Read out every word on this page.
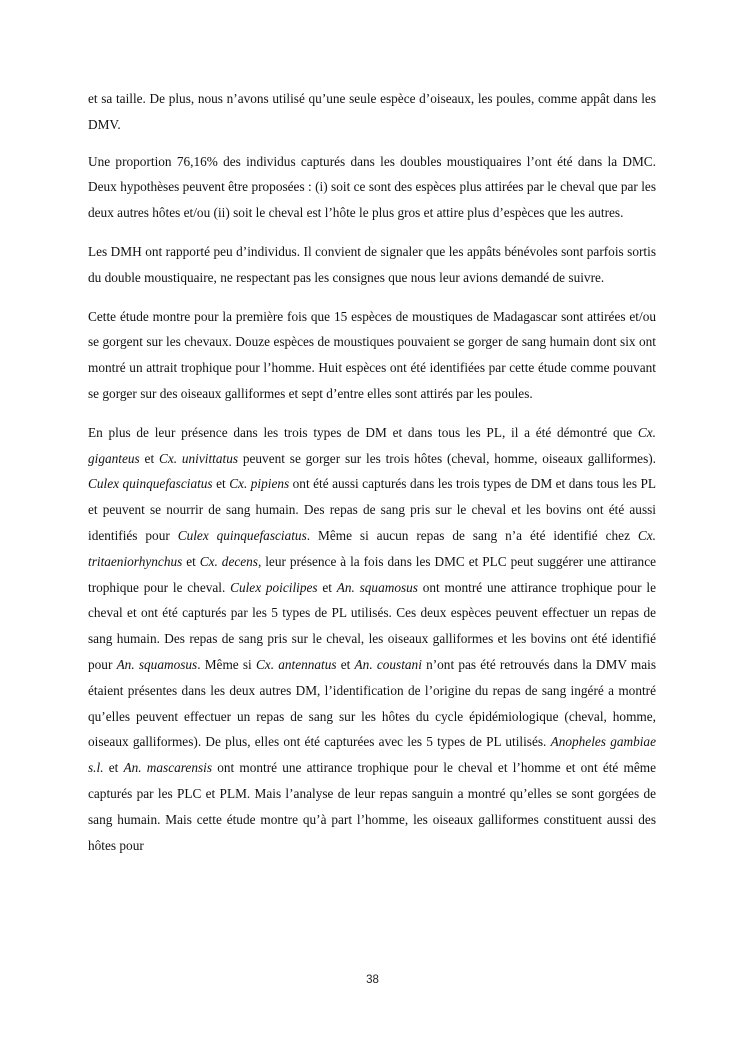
et sa taille. De plus, nous n’avons utilisé qu’une seule espèce d’oiseaux, les poules, comme appât dans les DMV.

Une proportion 76,16% des individus capturés dans les doubles moustiquaires l’ont été dans la DMC. Deux hypothèses peuvent être proposées : (i) soit ce sont des espèces plus attirées par le cheval que par les deux autres hôtes et/ou (ii) soit le cheval est l’hôte le plus gros et attire plus d’espèces que les autres.

Les DMH ont rapporté peu d’individus. Il convient de signaler que les appâts bénévoles sont parfois sortis du double moustiquaire, ne respectant pas les consignes que nous leur avions demandé de suivre.

Cette étude montre pour la première fois que 15 espèces de moustiques de Madagascar sont attirées et/ou se gorgent sur les chevaux. Douze espèces de moustiques pouvaient se gorger de sang humain dont six ont montré un attrait trophique pour l’homme. Huit espèces ont été identifiées par cette étude comme pouvant se gorger sur des oiseaux galliformes et sept d’entre elles sont attirés par les poules.

En plus de leur présence dans les trois types de DM et dans tous les PL, il a été démontré que Cx. giganteus et Cx. univittatus peuvent se gorger sur les trois hôtes (cheval, homme, oiseaux galliformes). Culex quinquefasciatus et Cx. pipiens ont été aussi capturés dans les trois types de DM et dans tous les PL et peuvent se nourrir de sang humain. Des repas de sang pris sur le cheval et les bovins ont été aussi identifiés pour Culex quinquefasciatus. Même si aucun repas de sang n’a été identifié chez Cx. tritaeniorhynchus et Cx. decens, leur présence à la fois dans les DMC et PLC peut suggérer une attirance trophique pour le cheval. Culex poicilipes et An. squamosus ont montré une attirance trophique pour le cheval et ont été capturés par les 5 types de PL utilisés. Ces deux espèces peuvent effectuer un repas de sang humain. Des repas de sang pris sur le cheval, les oiseaux galliformes et les bovins ont été identifié pour An. squamosus. Même si Cx. antennatus et An. coustani n’ont pas été retrouvés dans la DMV mais étaient présentes dans les deux autres DM, l’identification de l’origine du repas de sang ingéré a montré qu’elles peuvent effectuer un repas de sang sur les hôtes du cycle épidémiologique (cheval, homme, oiseaux galliformes). De plus, elles ont été capturées avec les 5 types de PL utilisés. Anopheles gambiae s.l. et An. mascarensis ont montré une attirance trophique pour le cheval et l’homme et ont été même capturés par les PLC et PLM. Mais l’analyse de leur repas sanguin a montré qu’elles se sont gorgées de sang humain. Mais cette étude montre qu’à part l’homme, les oiseaux galliformes constituent aussi des hôtes pour

38
